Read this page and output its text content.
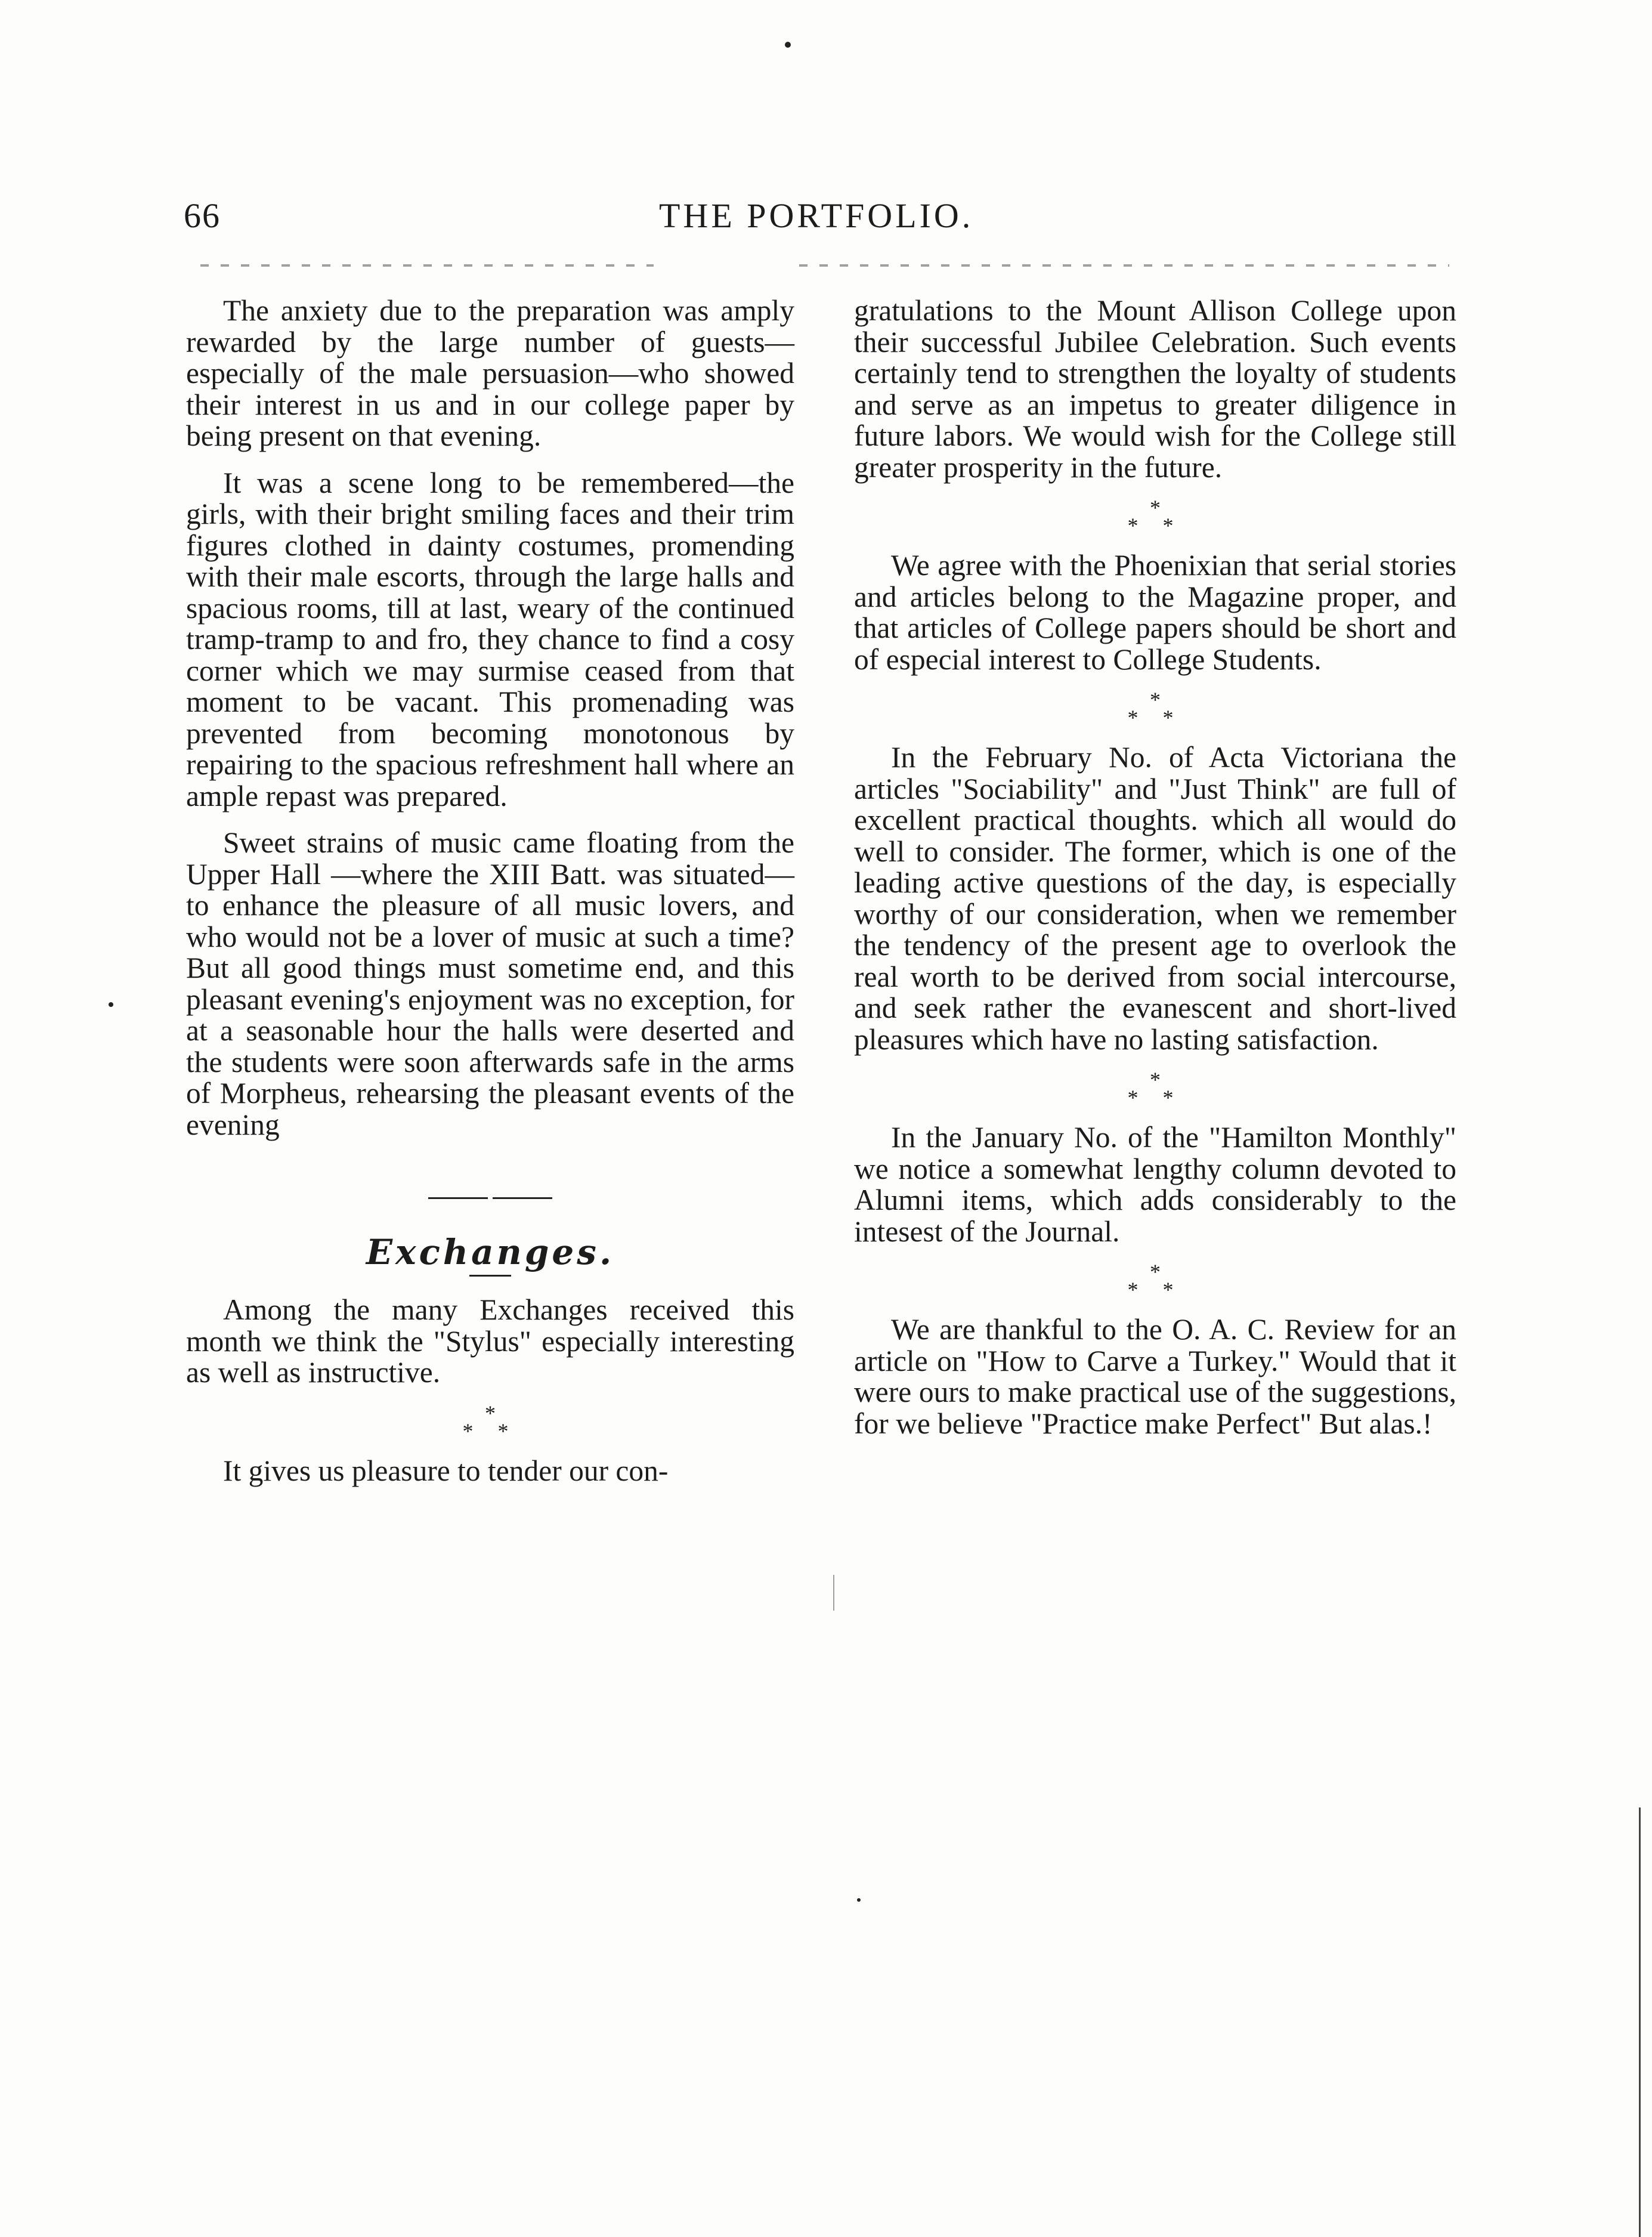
66	THE PORTFOLIO.

The anxiety due to the preparation was amply rewarded by the large number of guests—especially of the male persuasion—who showed their interest in us and in our college paper by being present on that evening.

It was a scene long to be remembered—the girls, with their bright smiling faces and their trim figures clothed in dainty costumes, promending with their male escorts, through the large halls and spacious rooms, till at last, weary of the continued tramp-tramp to and fro, they chance to find a cosy corner which we may surmise ceased from that moment to be vacant. This promenading was prevented from becoming monotonous by repairing to the spacious refreshment hall where an ample repast was prepared.

Sweet strains of music came floating from the Upper Hall —where the XIII Batt. was situated—to enhance the pleasure of all music lovers, and who would not be a lover of music at such a time? But all good things must sometime end, and this pleasant evening's enjoyment was no exception, for at a seasonable hour the halls were deserted and the students were soon afterwards safe in the arms of Morpheus, rehearsing the pleasant events of the evening

Exchanges.

Among the many Exchanges received this month we think the "Stylus" especially interesting as well as instructive.

*
* *

It gives us pleasure to tender our con-

gratulations to the Mount Allison College upon their successful Jubilee Celebration. Such events certainly tend to strengthen the loyalty of students and serve as an impetus to greater diligence in future labors. We would wish for the College still greater prosperity in the future.

*
* *

We agree with the Phoenixian that serial stories and articles belong to the Magazine proper, and that articles of College papers should be short and of especial interest to College Students.

*
* *

In the February No. of Acta Victoriana the articles "Sociability" and "Just Think" are full of excellent practical thoughts. which all would do well to consider. The former, which is one of the leading active questions of the day, is especially worthy of our consideration, when we remember the tendency of the present age to overlook the real worth to be derived from social intercourse, and seek rather the evanescent and short-lived pleasures which have no lasting satisfaction.

*
* *

In the January No. of the "Hamilton Monthly" we notice a somewhat lengthy column devoted to Alumni items, which adds considerably to the intesest of the Journal.

*
* *

We are thankful to the O. A. C. Review for an article on "How to Carve a Turkey." Would that it were ours to make practical use of the suggestions, for we believe "Practice make Perfect" But alas.!
